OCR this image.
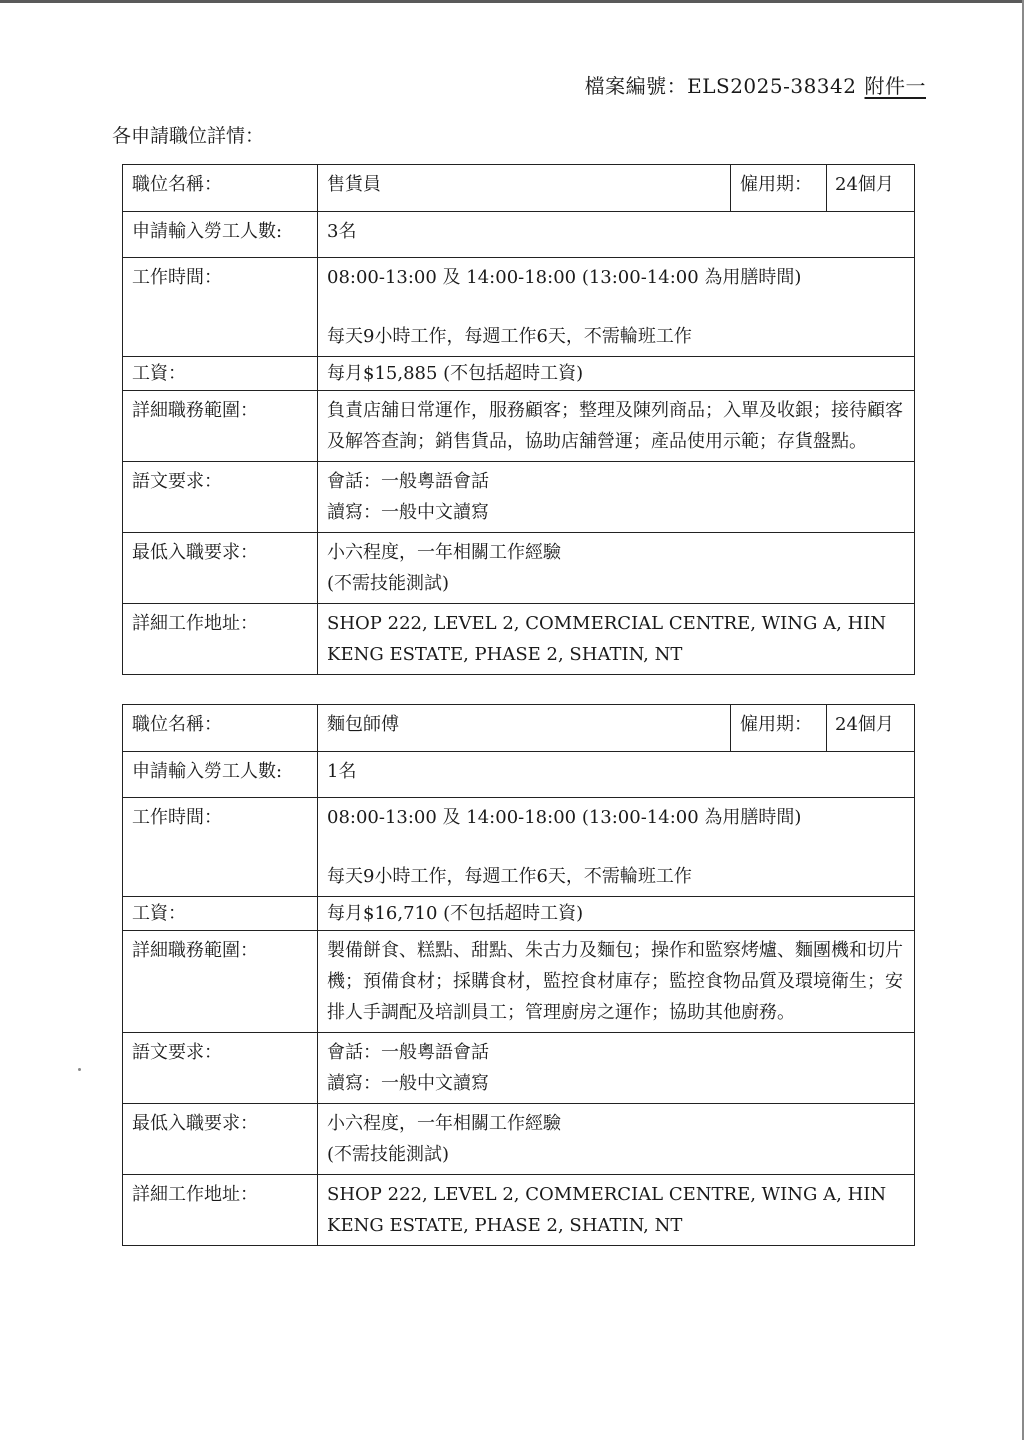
檔案編號：ELS2025-38342 附件一
各申請職位詳情：
職位名稱：	售貨員	僱用期：	24個月
申請輸入勞工人數:	3名		
工作時間：	08:00-13:00 及 14:00-18:00 (13:00-14:00 為用膳時間)
每天9小時工作，每週工作6天，不需輪班工作		

工資：	每月$15,885 (不包括超時工資)		
詳細職務範圍：	負責店舖日常運作，服務顧客；整理及陳列商品；入單及收銀；接待顧客及解答查詢；銷售貨品，協助店舖營運；產品使用示範；存貨盤點。		
語文要求：	會話：一般粵語會話
讀寫：一般中文讀寫		

最低入職要求：	小六程度，一年相關工作經驗
(不需技能測試)		

詳細工作地址：	SHOP 222, LEVEL 2, COMMERCIAL CENTRE, WING A, HIN KENG ESTATE, PHASE 2, SHATIN, NT		
職位名稱：	麵包師傅	僱用期：	24個月
申請輸入勞工人數:	1名		
工作時間：	08:00-13:00 及 14:00-18:00 (13:00-14:00 為用膳時間)
每天9小時工作，每週工作6天，不需輪班工作		

工資：	每月$16,710 (不包括超時工資)		
詳細職務範圍：	製備餅食、糕點、甜點、朱古力及麵包；操作和監察烤爐、麵團機和切片機；預備食材；採購食材，監控食材庫存；監控食物品質及環境衛生；安排人手調配及培訓員工；管理廚房之運作；協助其他廚務。		
語文要求：	會話：一般粵語會話
讀寫：一般中文讀寫		

最低入職要求：	小六程度，一年相關工作經驗
(不需技能測試)		

詳細工作地址：	SHOP 222, LEVEL 2, COMMERCIAL CENTRE, WING A, HIN KENG ESTATE, PHASE 2, SHATIN, NT		
